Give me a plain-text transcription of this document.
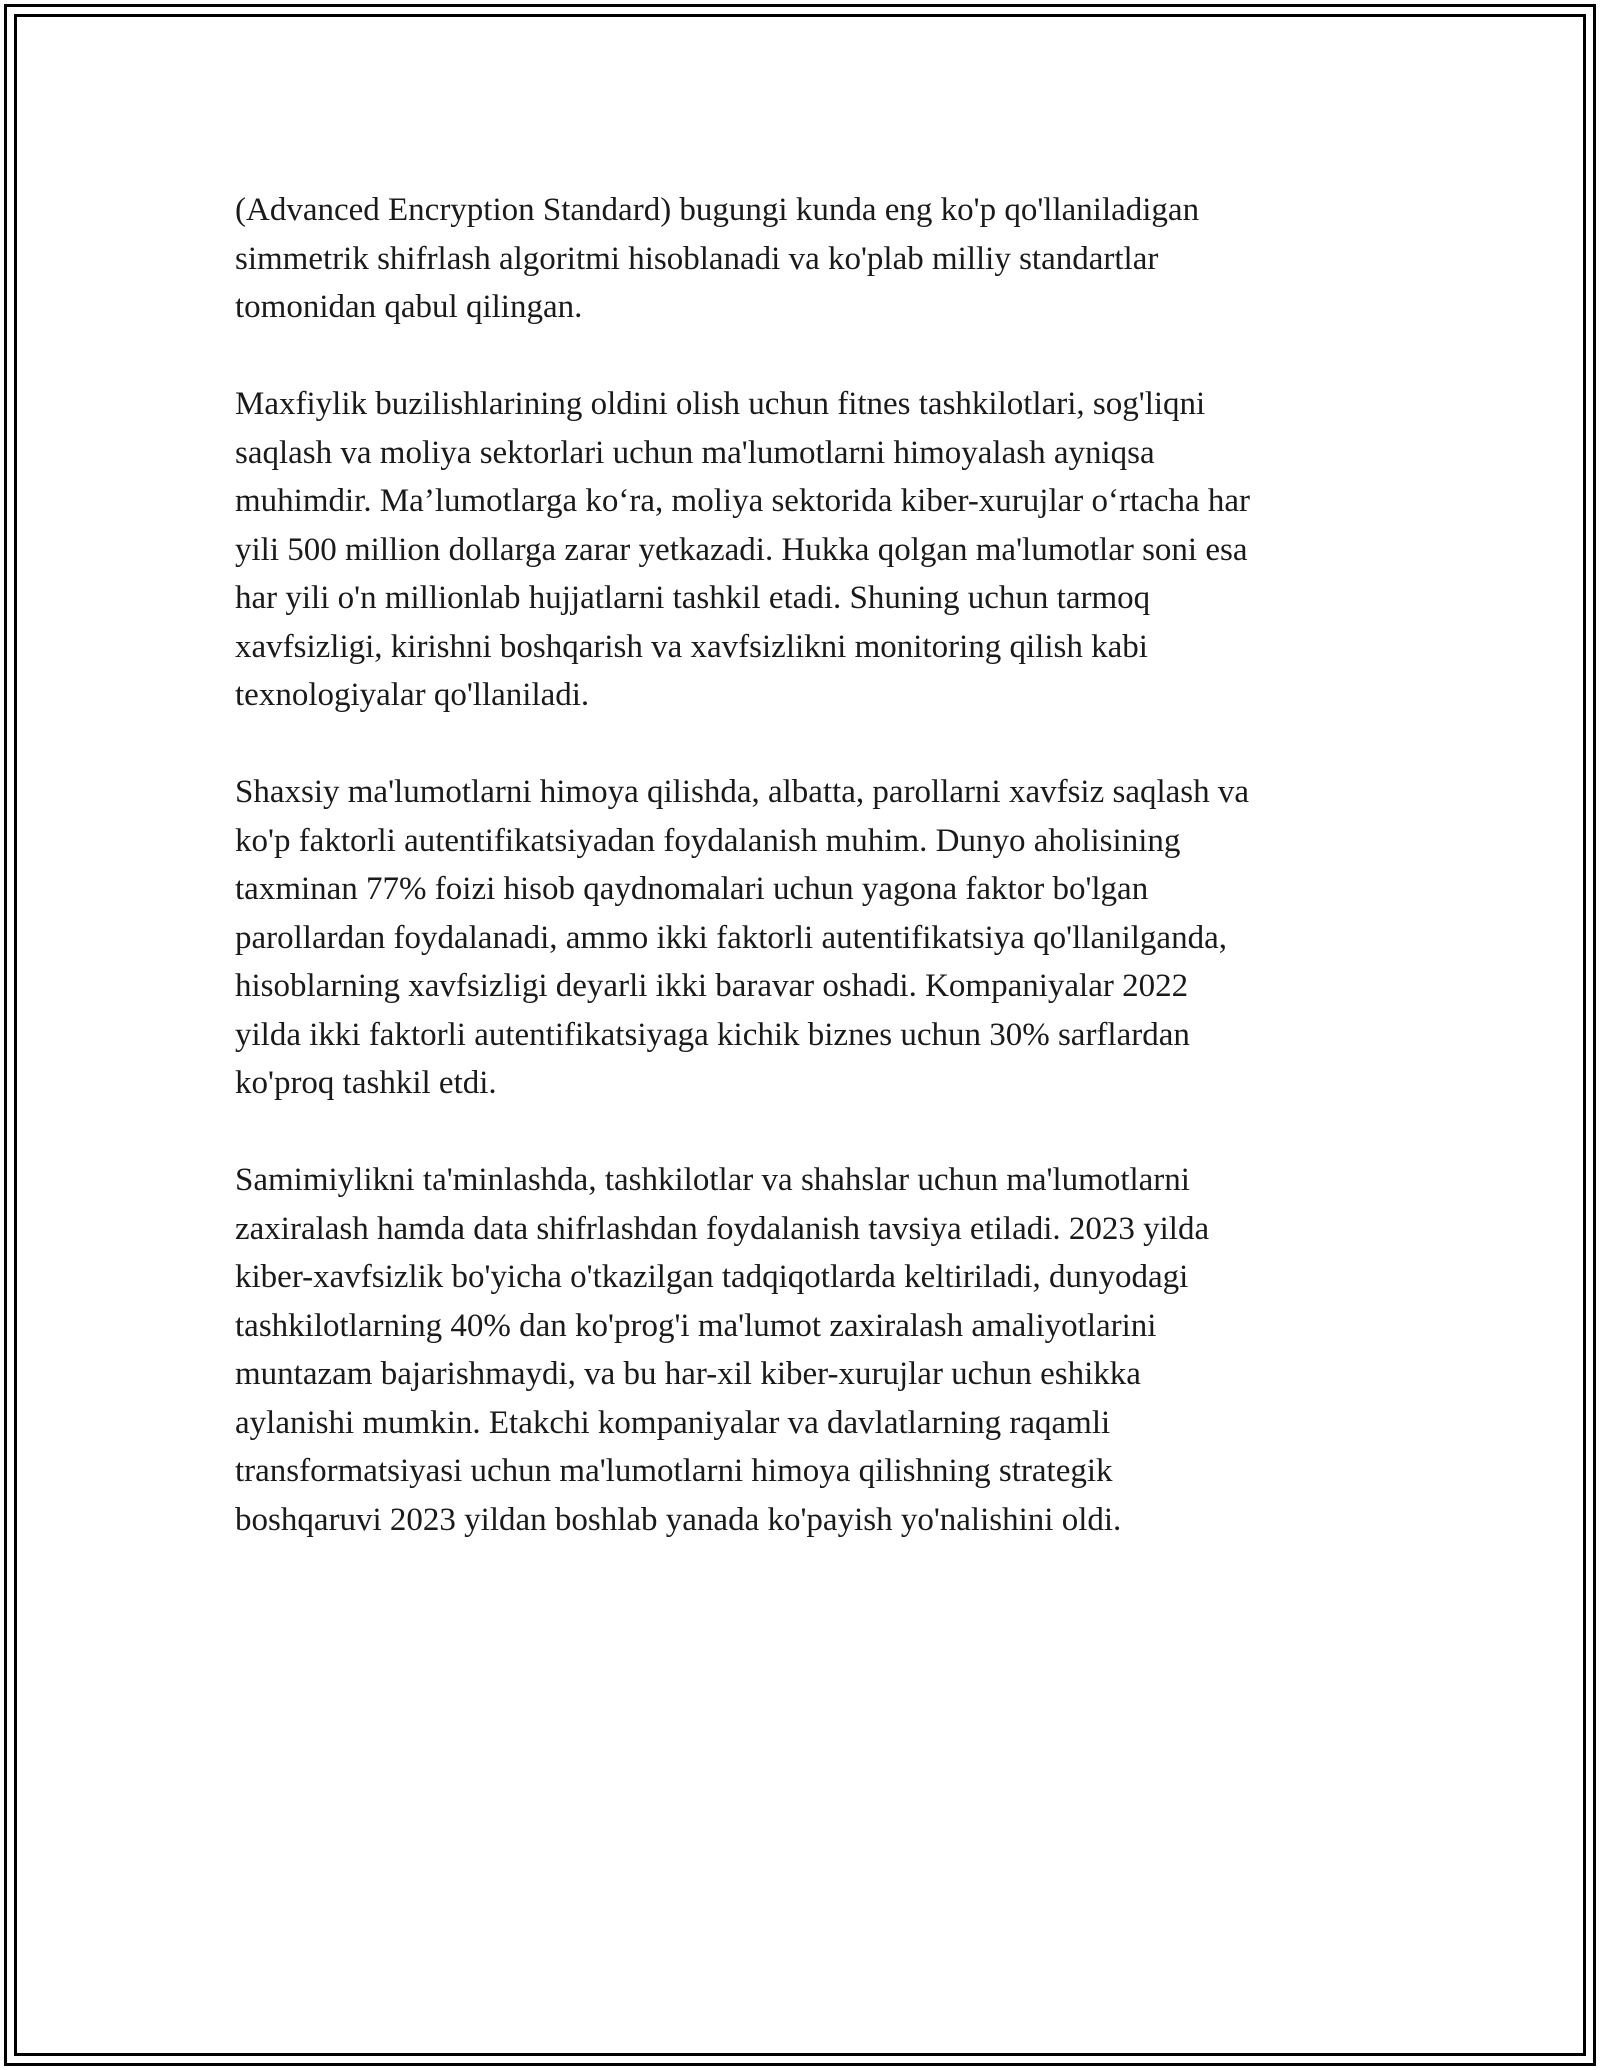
(Advanced Encryption Standard) bugungi kunda eng ko'p qo'llaniladigan
simmetrik shifrlash algoritmi hisoblanadi va ko'plab milliy standartlar
tomonidan qabul qilingan.

Maxfiylik buzilishlarining oldini olish uchun fitnes tashkilotlari, sog'liqni
saqlash va moliya sektorlari uchun ma'lumotlarni himoyalash ayniqsa
muhimdir. Ma’lumotlarga ko‘ra, moliya sektorida kiber-xurujlar o‘rtacha har
yili 500 million dollarga zarar yetkazadi. Hukka qolgan ma'lumotlar soni esa
har yili o'n millionlab hujjatlarni tashkil etadi. Shuning uchun tarmoq
xavfsizligi, kirishni boshqarish va xavfsizlikni monitoring qilish kabi
texnologiyalar qo'llaniladi.

Shaxsiy ma'lumotlarni himoya qilishda, albatta, parollarni xavfsiz saqlash va
ko'p faktorli autentifikatsiyadan foydalanish muhim. Dunyo aholisining
taxminan 77% foizi hisob qaydnomalari uchun yagona faktor bo'lgan
parollardan foydalanadi, ammo ikki faktorli autentifikatsiya qo'llanilganda,
hisoblarning xavfsizligi deyarli ikki baravar oshadi. Kompaniyalar 2022
yilda ikki faktorli autentifikatsiyaga kichik biznes uchun 30% sarflardan
ko'proq tashkil etdi.

Samimiylikni ta'minlashda, tashkilotlar va shahslar uchun ma'lumotlarni
zaxiralash hamda data shifrlashdan foydalanish tavsiya etiladi. 2023 yilda
kiber-xavfsizlik bo'yicha o'tkazilgan tadqiqotlarda keltiriladi, dunyodagi
tashkilotlarning 40% dan ko'prog'i ma'lumot zaxiralash amaliyotlarini
muntazam bajarishmaydi, va bu har-xil kiber-xurujlar uchun eshikka
aylanishi mumkin. Etakchi kompaniyalar va davlatlarning raqamli
transformatsiyasi uchun ma'lumotlarni himoya qilishning strategik
boshqaruvi 2023 yildan boshlab yanada ko'payish yo'nalishini oldi.
